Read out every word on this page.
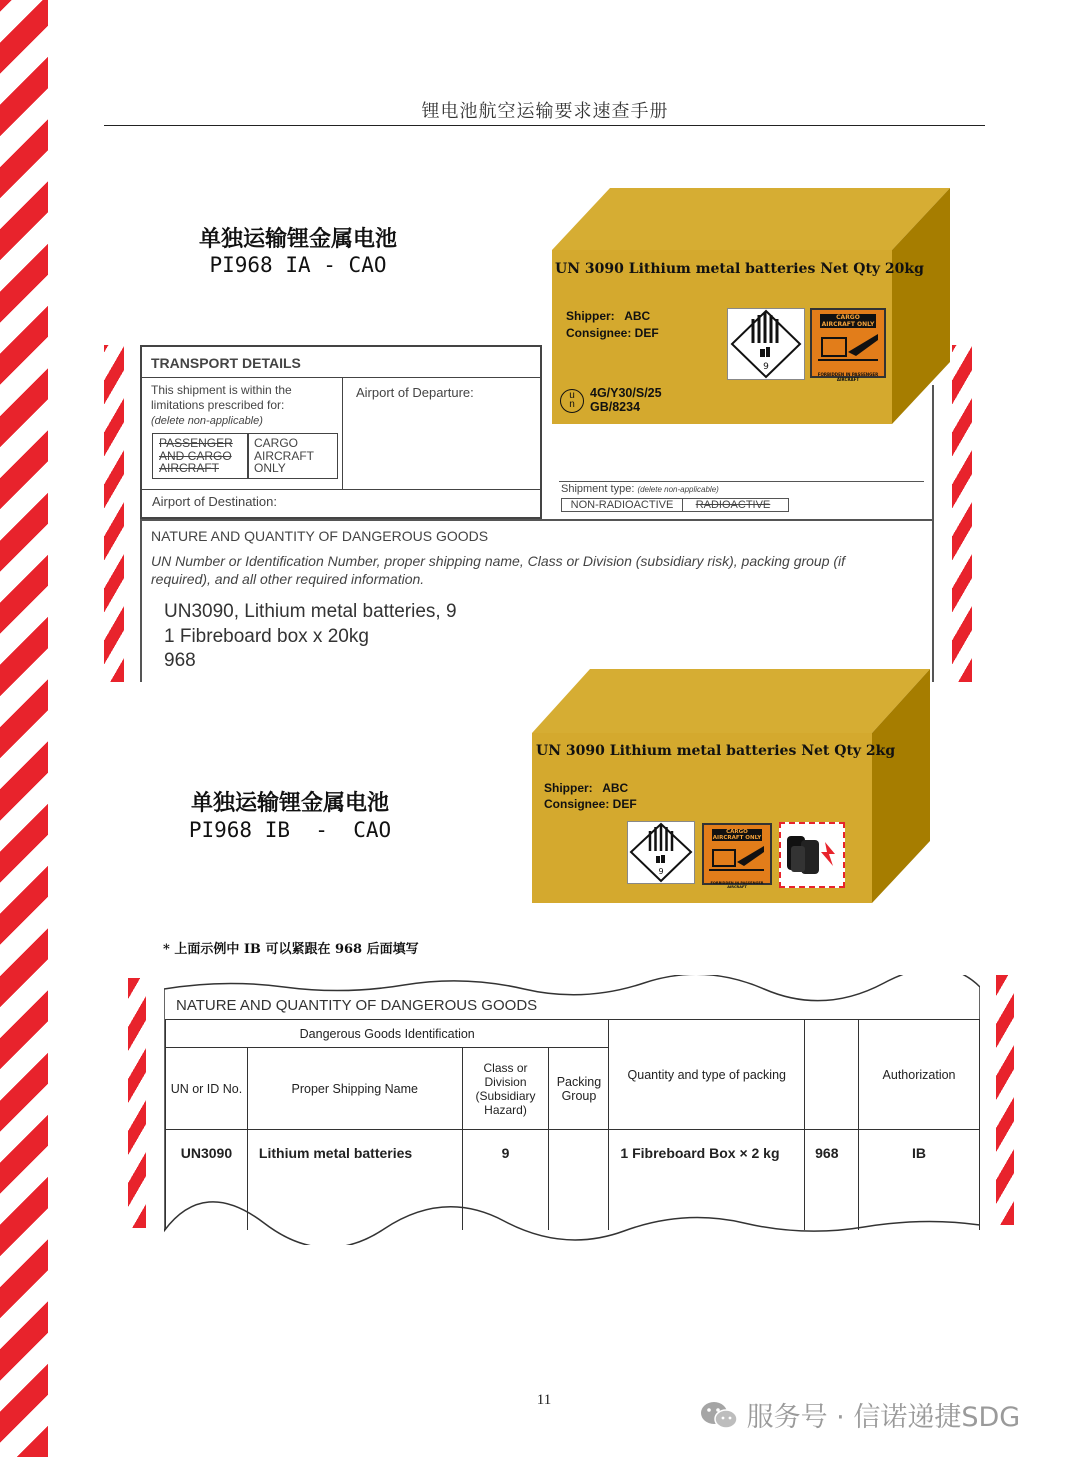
锂电池航空运输要求速查手册
单独运输锂金属电池
PI968 IA - CAO
TRANSPORT DETAILS
This shipment is within the limitations prescribed for:
(delete non-applicable)
PASSENGER AND CARGO AIRCRAFT
CARGO AIRCRAFT ONLY
Airport of Departure:
Airport of Destination:
Shipment type: (delete non-applicable)
NON-RADIOACTIVE RADIOACTIVE
NATURE AND QUANTITY OF DANGEROUS GOODS
UN Number or Identification Number, proper shipping name, Class or Division (subsidiary risk), packing group (if required), and all other required information.
UN3090, Lithium metal batteries, 9
1 Fibreboard box x 20kg
968
UN 3090 Lithium metal batteries Net Qty 20kg
Shipper:   ABC
Consignee: DEF
9
CARGO AIRCRAFT ONLY
FORBIDDEN IN PASSENGER AIRCRAFT
u
n
4G/Y30/S/25
GB/8234
单独运输锂金属电池
PI968 IB  -  CAO
UN 3090 Lithium metal batteries Net Qty 2kg
Shipper:   ABC
Consignee: DEF
9
CARGO AIRCRAFT ONLY
FORBIDDEN IN PASSENGER AIRCRAFT
* 上面示例中 IB 可以紧跟在 968 后面填写
NATURE AND QUANTITY OF DANGEROUS GOODS
Dangerous Goods Identification				Quantity and type of packing		Authorization
UN or ID No.	Proper Shipping Name	Class or Division (Subsidiary Hazard)	Packing Group			
UN3090	Lithium metal batteries	9		1 Fibreboard Box × 2 kg	968	IB
11
服务号 · 信诺递捷SDG
